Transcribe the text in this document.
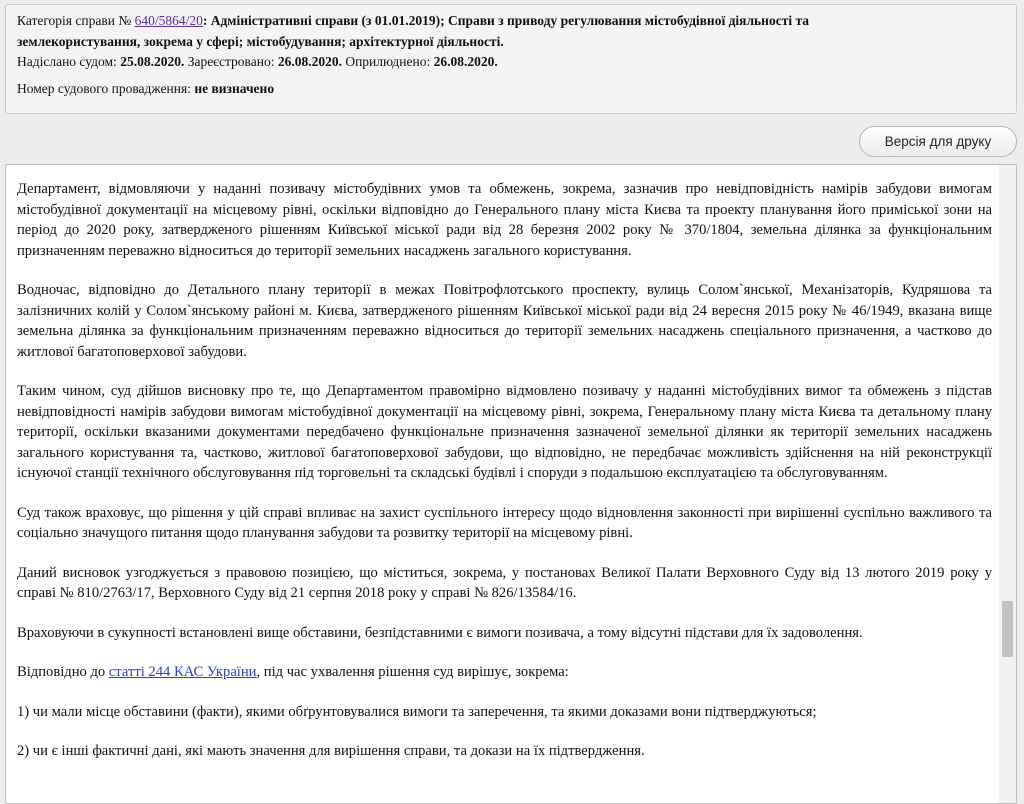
Категорія справи № 640/5864/20: Адміністративні справи (з 01.01.2019); Справи з приводу регулювання містобудівної діяльності та
землекористування, зокрема у сфері; містобудування; архітектурної діяльності.
Надіслано судом: 25.08.2020. Зареєстровано: 26.08.2020. Оприлюднено: 26.08.2020.
Номер судового провадження: не визначено
Версія для друку

Департамент, відмовляючи у наданні позивачу містобудівних умов та обмежень, зокрема, зазначив про невідповідність намірів забудови вимогам містобудівної документації на місцевому рівні, оскільки відповідно до Генерального плану міста Києва та проекту планування його приміської зони на період до 2020 року, затвердженого рішенням Київської міської ради від 28 березня 2002 року № 370/1804, земельна ділянка за функціональним призначенням переважно відноситься до території земельних насаджень загального користування.

Водночас, відповідно до Детального плану території в межах Повітрофлотського проспекту, вулиць Солом`янської, Механізаторів, Кудряшова та залізничних колій у Солом`янському районі м. Києва, затвердженого рішенням Київської міської ради від 24 вересня 2015 року № 46/1949, вказана вище земельна ділянка за функціональним призначенням переважно відноситься до території земельних насаджень спеціального призначення, а частково до житлової багатоповерхової забудови.

Таким чином, суд дійшов висновку про те, що Департаментом правомірно відмовлено позивачу у наданні містобудівних вимог та обмежень з підстав невідповідності намірів забудови вимогам містобудівної документації на місцевому рівні, зокрема, Генеральному плану міста Києва та детальному плану території, оскільки вказаними документами передбачено функціональне призначення зазначеної земельної ділянки як території земельних насаджень загального користування та, частково, житлової багатоповерхової забудови, що відповідно, не передбачає можливість здійснення на ній реконструкції існуючої станції технічного обслуговування під торговельні та складські будівлі і споруди з подальшою експлуатацією та обслуговуванням.

Суд також враховує, що рішення у цій справі впливає на захист суспільного інтересу щодо відновлення законності при вирішенні суспільно важливого та соціально значущого питання щодо планування забудови та розвитку території на місцевому рівні.

Даний висновок узгоджується з правовою позицією, що міститься, зокрема, у постановах Великої Палати Верховного Суду від 13 лютого 2019 року у справі № 810/2763/17, Верховного Суду від 21 серпня 2018 року у справі № 826/13584/16.

Враховуючи в сукупності встановлені вище обставини, безпідставними є вимоги позивача, а тому відсутні підстави для їх задоволення.

Відповідно до статті 244 КАС України, під час ухвалення рішення суд вирішує, зокрема:

1) чи мали місце обставини (факти), якими обґрунтовувалися вимоги та заперечення, та якими доказами вони підтверджуються;

2) чи є інші фактичні дані, які мають значення для вирішення справи, та докази на їх підтвердження.
